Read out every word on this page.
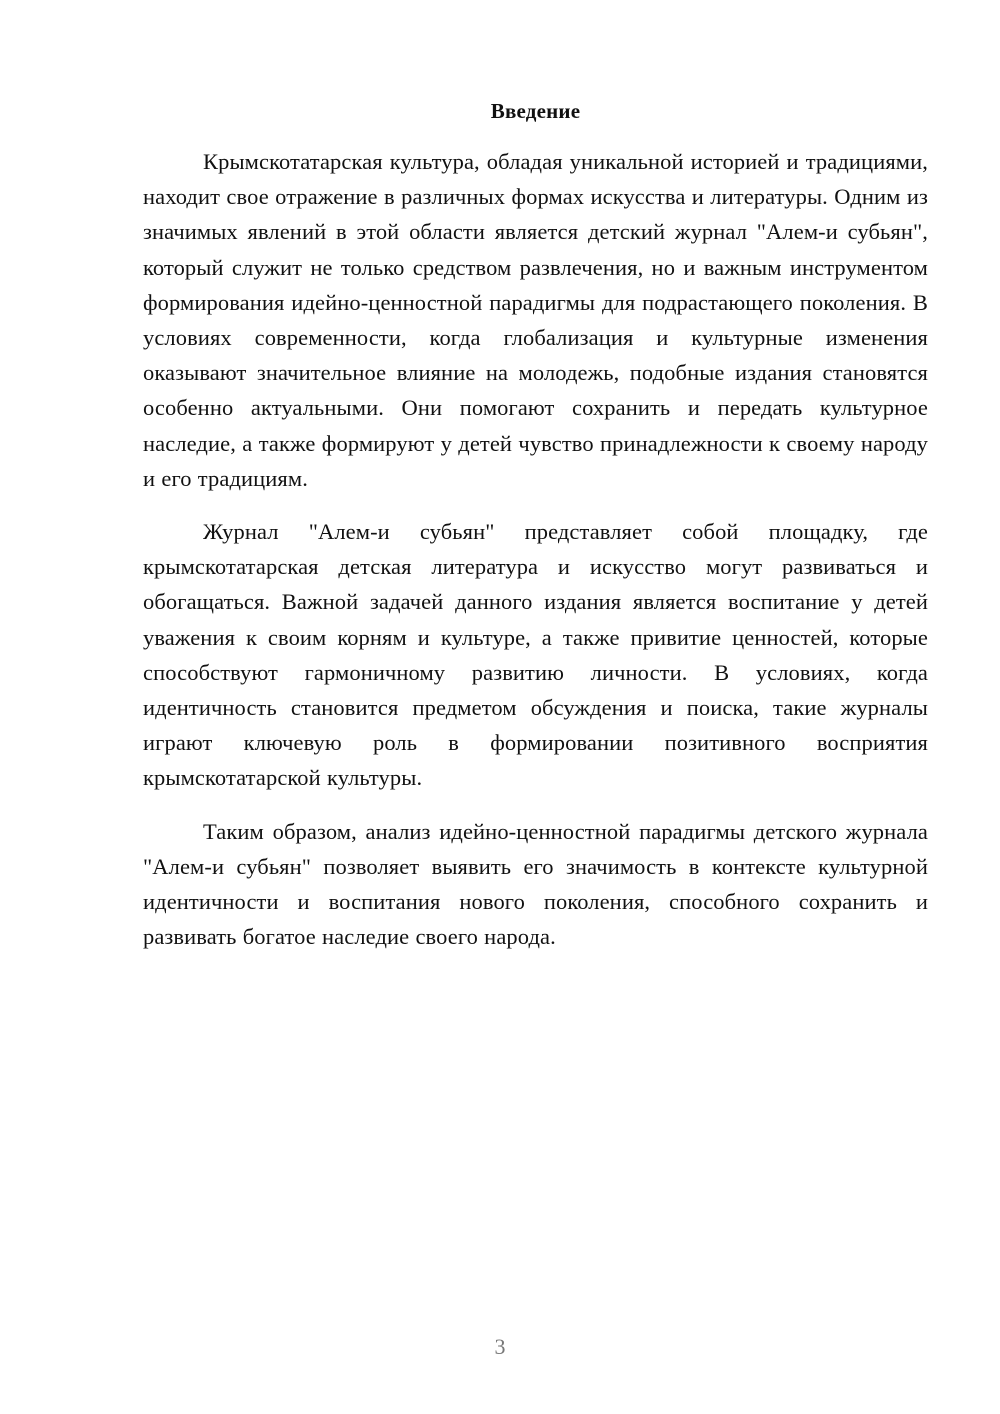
Введение

Крымскотатарская культура, обладая уникальной историей и традициями, находит свое отражение в различных формах искусства и литературы. Одним из значимых явлений в этой области является детский журнал "Алем-и субьян", который служит не только средством развлечения, но и важным инструментом формирования идейно-ценностной парадигмы для подрастающего поколения. В условиях современности, когда глобализация и культурные изменения оказывают значительное влияние на молодежь, подобные издания становятся особенно актуальными. Они помогают сохранить и передать культурное наследие, а также формируют у детей чувство принадлежности к своему народу и его традициям.

Журнал "Алем-и субьян" представляет собой площадку, где крымскотатарская детская литература и искусство могут развиваться и обогащаться. Важной задачей данного издания является воспитание у детей уважения к своим корням и культуре, а также привитие ценностей, которые способствуют гармоничному развитию личности. В условиях, когда идентичность становится предметом обсуждения и поиска, такие журналы играют ключевую роль в формировании позитивного восприятия крымскотатарской культуры.

Таким образом, анализ идейно-ценностной парадигмы детского журнала "Алем-и субьян" позволяет выявить его значимость в контексте культурной идентичности и воспитания нового поколения, способного сохранить и развивать богатое наследие своего народа.

3
